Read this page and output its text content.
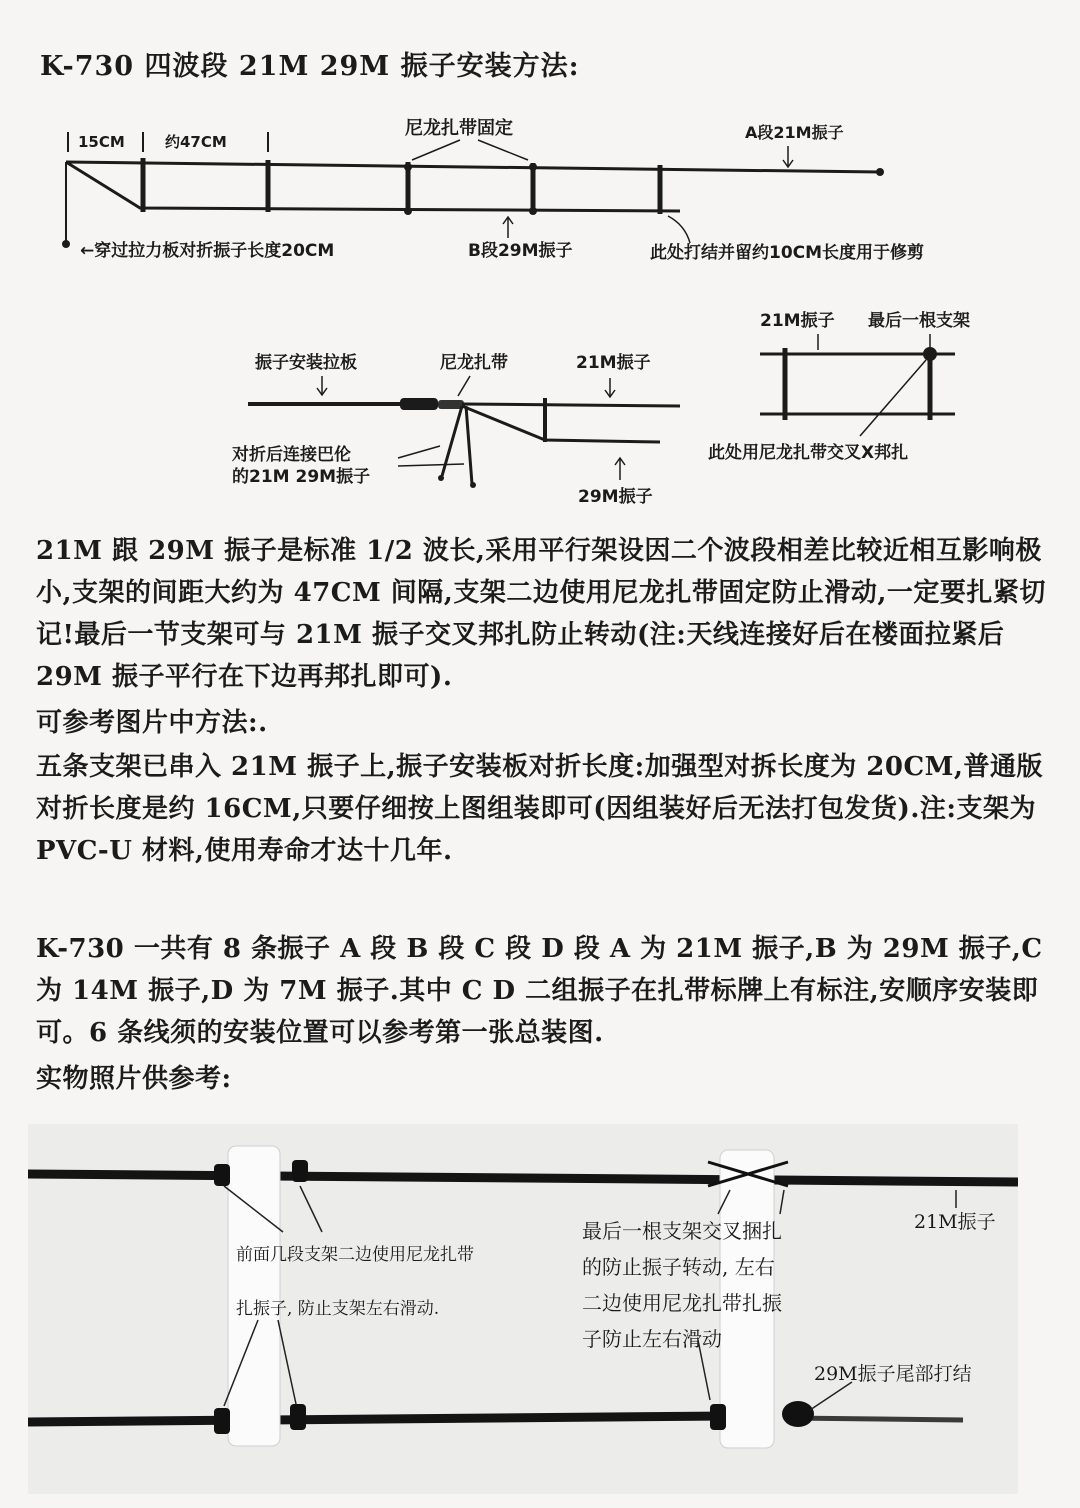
K-730 四波段 21M 29M 振子安装方法:
15CM	约47CM
尼龙扎带固定	A段21M振子
←穿过拉力板对折振子长度20CM	B段29M振子	此处打结并留约10CM长度用于修剪
振子安装拉板	尼龙扎带	21M振子
对折后连接巴伦
的21M 29M振子
29M振子
21M振子 最后一根支架
此处用尼龙扎带交叉X邦扎

21M 跟 29M 振子是标准 1/2 波长,采用平行架设因二个波段相差比较近相互影响极小,支架的间距大约为 47CM 间隔,支架二边使用尼龙扎带固定防止滑动,一定要扎紧切记!最后一节支架可与 21M 振子交叉邦扎防止转动(注:天线连接好后在楼面拉紧后 29M 振子平行在下边再邦扎即可).

可参考图片中方法:.

五条支架已串入 21M 振子上,振子安装板对折长度:加强型对拆长度为 20CM,普通版对折长度是约 16CM,只要仔细按上图组装即可(因组装好后无法打包发货).注:支架为 PVC-U 材料,使用寿命才达十几年.

K-730 一共有 8 条振子 A 段 B 段 C 段 D 段 A 为 21M 振子,B 为 29M 振子,C 为 14M 振子,D 为 7M 振子.其中 C D 二组振子在扎带标牌上有标注,安顺序安装即可。6 条线须的安装位置可以参考第一张总装图.

实物照片供参考:

前面几段支架二边使用尼龙扎带
扎振子, 防止支架左右滑动.
最后一根支架交叉捆扎
的防止振子转动, 左右
二边使用尼龙扎带扎振
子防止左右滑动
21M振子
29M振子尾部打结
